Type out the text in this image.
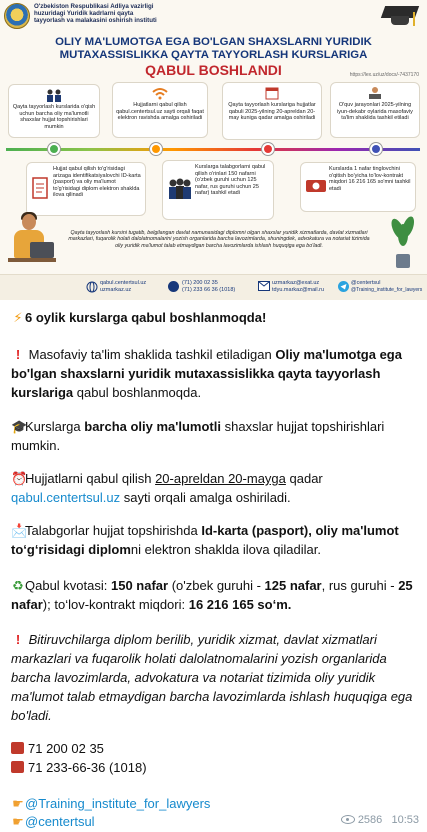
O'zbekiston Respublikasi Adliya vazirligi
huzuridagi Yuridik kadrlarni qayta
tayyorlash va malakasini oshirish instituti
OLIY MA'LUMOTGA EGA BO'LGAN SHAXSLARNI YURIDIK
MUTAXASSISLIKKA QAYTA TAYYORLASH KURSLARIGA
QABUL BOSHLANDI	https://lex.uz/uz/docs/-7437170
Qayta tayyorlash kurslarida o'qish uchun barcha oliy ma'lumotli shaxslar hujjat topshirishlari mumkin
Hujjatlarni qabul qilish qabul.centertsul.uz sayti orqali faqat elektron ravishda amalga oshiriladi
Qayta tayyorlash kurslariga hujjatlar qabuli 2025-yilning 20-apreldan 20-may kuniga qadar amalga oshiriladi
O'quv jarayonlari 2025-yilning iyun-dekabr oylarida masofaviy ta'lim shaklida tashkil etiladi
Hujjat qabul qilish to'g'risidagi arizaga identifikatsiyalovchi ID-karta (pasport) va oliy ma'lumot to'g'risidagi diplom elektron shaklda ilova qilinadi
Kurslarga talabgorlarni qabul qilish o'rinlari 150 nafarni (o'zbek guruhi uchun 125 nafar, rus guruhi uchun 25 nafar) tashkil etadi
Kurslarda 1 nafar tinglovchini o'qitish bo'yicha to'lov-kontrakt miqdori 16 216 165 so'mni tashkil etadi
Qayta tayyorlash kursini tugatib, belgilangan davlat namunasidagi diplomni olgan shaxslar yuridik xizmatlarda, davlat xizmatlari markazlari, fuqarolik holati dalolatnomalarini yozish organlarida barcha lavozimlarda, shuningdek, advokatura va notariat tizimida oliy yuridik ma'lumot talab etmaydigan barcha lavozimlarda ishlash huquqiga ega bo'ladi.
qabul.centertsul.uz
uzmarkaz.uz
(71) 200 02 35
(71) 233 66 36 (1018)
uzmarkaz@exat.uz
tdyu.markaz@mail.ru
@centertsul
@Training_institute_for_lawyers
⚡ 6 oylik kurslarga qabul boshlanmoqda!
! Masofaviy ta'lim shaklida tashkil etiladigan Oliy ma'lumotga ega bo'lgan shaxslarni yuridik mutaxassislikka qayta tayyorlash kurslariga qabul boshlanmoqda.
🎓Kurslarga barcha oliy ma'lumotli shaxslar hujjat topshirishlari mumkin.
⏰Hujjatlarni qabul qilish 20-apreldan 20-mayga qadar
qabul.centertsul.uz sayti orqali amalga oshiriladi.
📩Talabgorlar hujjat topshirishda Id-karta (pasport), oliy ma'lumot to‘g‘risidagi diplomni elektron shaklda ilova qiladilar.
♻Qabul kvotasi: 150 nafar (o'zbek guruhi - 125 nafar, rus guruhi - 25 nafar); to‘lov-kontrakt miqdori: 16 216 165 so‘m.
! Bitiruvchilarga diplom berilib, yuridik xizmat, davlat xizmatlari markazlari va fuqarolik holati dalolatnomalarini yozish organlarida barcha lavozimlarda, advokatura va notariat tizimida oliy yuridik ma'lumot talab etmaydigan barcha lavozimlarda ishlash huquqiga ega bo'ladi.
71 200 02 35
71 233-66-36 (1018)
☛@Training_institute_for_lawyers
☛@centertsul	2586 10:53
